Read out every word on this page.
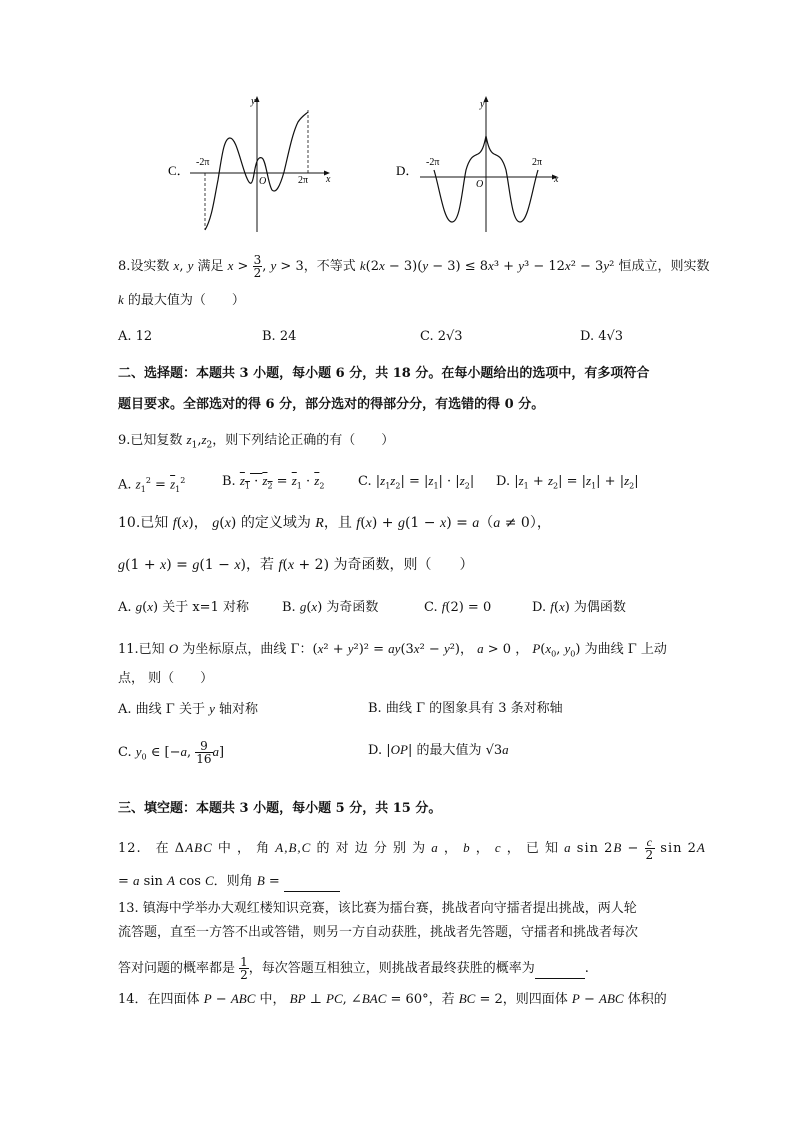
C．
y
x
O
-2π
2π
D．
y
x
O
-2π	2π
8.设实数 x, y 满足 $x > \frac{3}{2}$ , y > 3，不等式 k(2x − 3)(y − 3) ≤ 8x³ + y³ − 12x² − 3y² 恒成立，则实数
k 的最大值为（　　）
A. 12	B. 24	C. 2√3	D. 4√3
二、选择题：本题共 3 小题，每小题 6 分，共 18 分。在每小题给出的选项中，有多项符合
题目要求。全部选对的得 6 分，部分选对的得部分分，有选错的得 0 分。
9.已知复数 $z_1,z_2$，则下列结论正确的有（　　）
A. $z_1^2 = \overline{z}_1^2$	B. $z_1 \cdot z_2 = \overline{z}_1 \cdot \overline{z}_2$	C. $|z_1z_2| = |z_1| \cdot |z_2|$ D. $|z_1 + z_2| = |z_1| + |z_2|$
10.已知 f(x)， g(x) 的定义域为 R，且 f(x) + g(1 − x) = a（a ≠ 0），
g(1 + x) = g(1 − x)，若 f(x + 2) 为奇函数，则（　　）
A. g(x) 关于 x=1 对称	B. g(x) 为奇函数	C. f(2) = 0	D. f(x) 为偶函数
11.已知 O 为坐标原点，曲线 Γ：(x² + y²)² = ay(3x² − y²)， a > 0 ， $P(x_0$, $y_0$) 为曲线 Γ 上动
点， 则（　　）
A. 曲线 Γ 关于 y 轴对称	B. 曲线 Γ 的图象具有 3 条对称轴
C. $y_0$ ∈ [−a, $\frac{9}{16} a$]	D. |OP| 的最大值为 √3a
三、填空题：本题共 3 小题，每小题 5 分，共 15 分。
12.　在 ΔABC 中 ， 角 A,B,C 的 对 边 分 别 为 a ， b ， c ， 已 知 a $\sin 2B - \frac{c}{2}$ sin 2A
= a sin A cos C．则角 B =
13. 镇海中学举办大观红楼知识竞赛，该比赛为擂台赛，挑战者向守擂者提出挑战，两人轮
流答题，直至一方答不出或答错，则另一方自动获胜，挑战者先答题，守擂者和挑战者每次
答对问题的概率都是 $\frac{1}{2}$ ，每次答题互相独立，则挑战者最终获胜的概率为	.
14．在四面体 P − ABC 中， BP ⊥ PC, ∠BAC = 60°，若 BC = 2，则四面体 P − ABC 体积的
